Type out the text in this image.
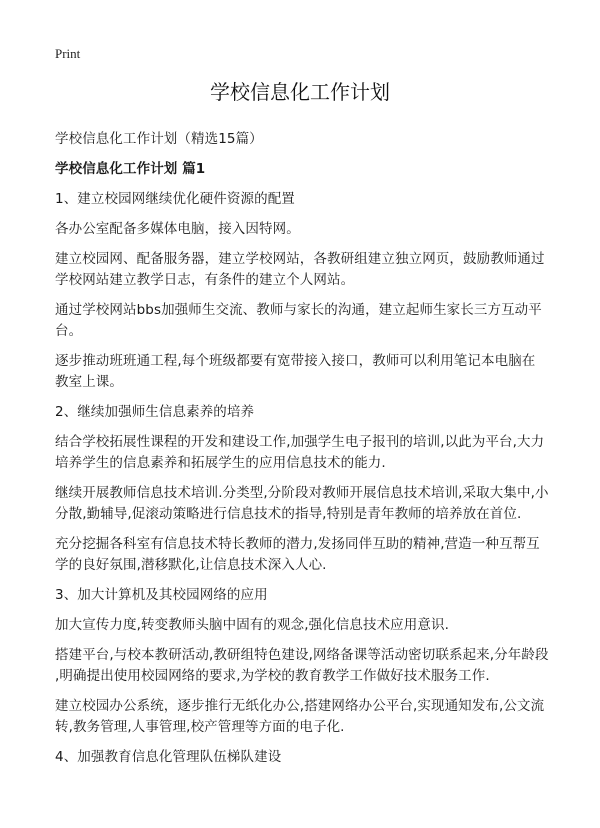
Print
学校信息化工作计划

学校信息化工作计划（精选15篇）

学校信息化工作计划 篇1

1、建立校园网继续优化硬件资源的配置

各办公室配备多媒体电脑，接入因特网。

建立校园网、配备服务器，建立学校网站，各教研组建立独立网页，鼓励教师通过

学校网站建立教学日志，有条件的建立个人网站。

通过学校网站bbs加强师生交流、教师与家长的沟通，建立起师生家长三方互动平

台。

逐步推动班班通工程,每个班级都要有宽带接入接口，教师可以利用笔记本电脑在

教室上课。

2、继续加强师生信息素养的培养

结合学校拓展性课程的开发和建设工作,加强学生电子报刊的培训,以此为平台,大力

培养学生的信息素养和拓展学生的应用信息技术的能力.

继续开展教师信息技术培训.分类型,分阶段对教师开展信息技术培训,采取大集中,小

分散,勤辅导,促滚动策略进行信息技术的指导,特别是青年教师的培养放在首位.

充分挖掘各科室有信息技术特长教师的潜力,发扬同伴互助的精神,营造一种互帮互

学的良好氛围,潜移默化,让信息技术深入人心.

3、加大计算机及其校园网络的应用

加大宣传力度,转变教师头脑中固有的观念,强化信息技术应用意识.

搭建平台,与校本教研活动,教研组特色建设,网络备课等活动密切联系起来,分年龄段

,明确提出使用校园网络的要求,为学校的教育教学工作做好技术服务工作.

建立校园办公系统，逐步推行无纸化办公,搭建网络办公平台,实现通知发布,公文流

转,教务管理,人事管理,校产管理等方面的电子化.

4、加强教育信息化管理队伍梯队建设
